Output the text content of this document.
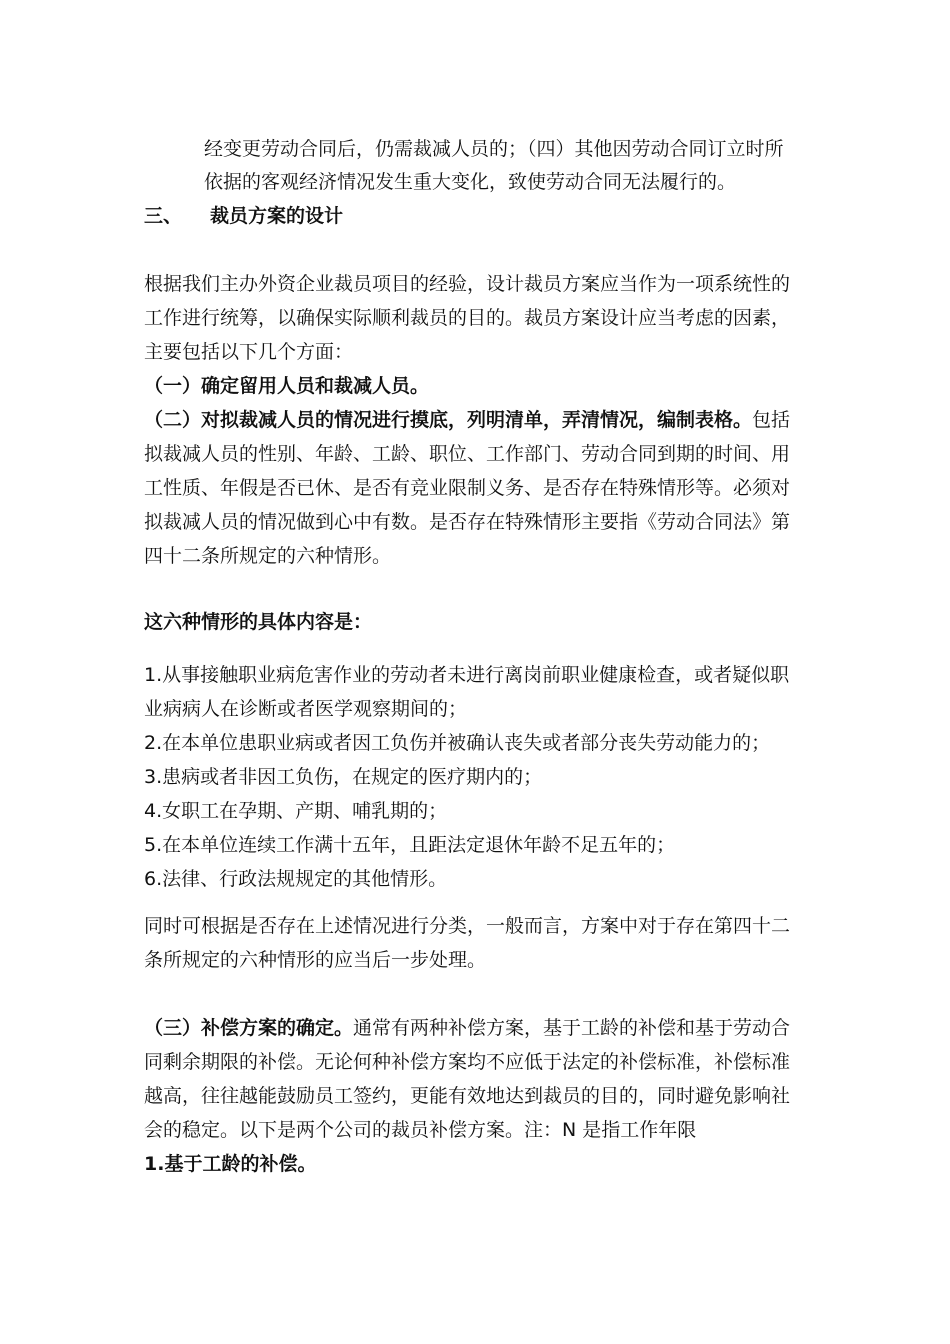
经变更劳动合同后，仍需裁减人员的；（四）其他因劳动合同订立时所

依据的客观经济情况发生重大变化，致使劳动合同无法履行的。

三、 裁员方案的设计

根据我们主办外资企业裁员项目的经验，设计裁员方案应当作为一项系统性的

工作进行统筹，以确保实际顺利裁员的目的。裁员方案设计应当考虑的因素，

主要包括以下几个方面：

（一）确定留用人员和裁减人员。

（二）对拟裁减人员的情况进行摸底，列明清单，弄清情况，编制表格。包括

拟裁减人员的性别、年龄、工龄、职位、工作部门、劳动合同到期的时间、用

工性质、年假是否已休、是否有竞业限制义务、是否存在特殊情形等。必须对

拟裁减人员的情况做到心中有数。是否存在特殊情形主要指《劳动合同法》第

四十二条所规定的六种情形。

这六种情形的具体内容是：

1.从事接触职业病危害作业的劳动者未进行离岗前职业健康检查，或者疑似职

业病病人在诊断或者医学观察期间的；

2.在本单位患职业病或者因工负伤并被确认丧失或者部分丧失劳动能力的；

3.患病或者非因工负伤，在规定的医疗期内的；

4.女职工在孕期、产期、哺乳期的；

5.在本单位连续工作满十五年，且距法定退休年龄不足五年的；

6.法律、行政法规规定的其他情形。

同时可根据是否存在上述情况进行分类，一般而言，方案中对于存在第四十二

条所规定的六种情形的应当后一步处理。

（三）补偿方案的确定。通常有两种补偿方案，基于工龄的补偿和基于劳动合

同剩余期限的补偿。无论何种补偿方案均不应低于法定的补偿标准，补偿标准

越高，往往越能鼓励员工签约，更能有效地达到裁员的目的，同时避免影响社

会的稳定。以下是两个公司的裁员补偿方案。注：N 是指工作年限

1.基于工龄的补偿。
